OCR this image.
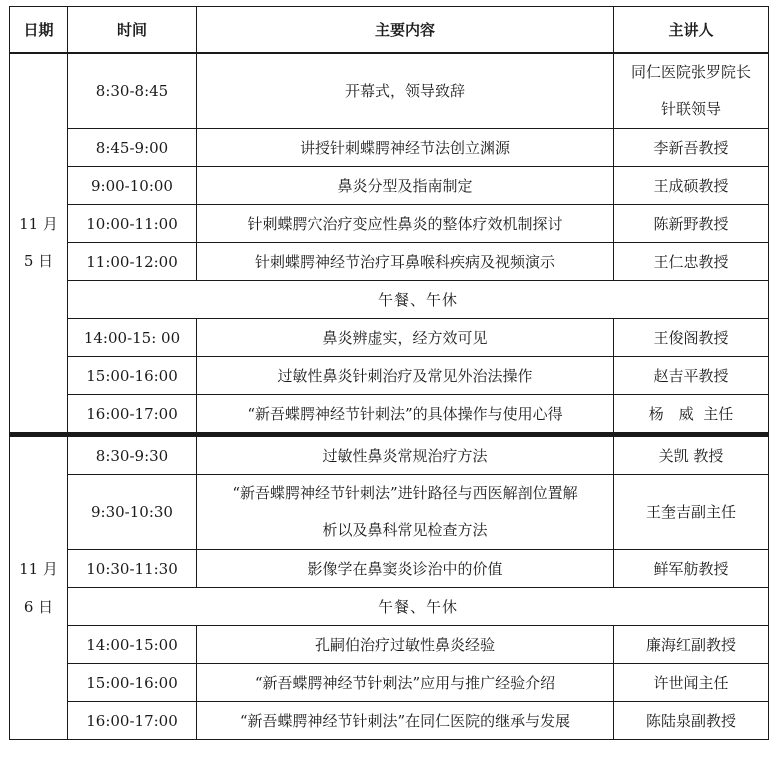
日期	时间	主要内容	主讲人

11 月
5 日	8:30-8:45	开幕式，领导致辞	同仁医院张罗院长
针联领导

	8:45-9:00	讲授针刺蝶腭神经节法创立渊源	李新吾教授
	9:00-10:00	鼻炎分型及指南制定	王成硕教授
	10:00-11:00	针刺蝶腭穴治疗变应性鼻炎的整体疗效机制探讨	陈新野教授
	11:00-12:00	针刺蝶腭神经节治疗耳鼻喉科疾病及视频演示	王仁忠教授
	午餐、午休		
	14:00-15: 00	鼻炎辨虚实，经方效可见	王俊阁教授
	15:00-16:00	过敏性鼻炎针刺治疗及常见外治法操作	赵吉平教授
	16:00-17:00	“新吾蝶腭神经节针刺法”的具体操作与使用心得	杨　威  主任

11 月
6 日	8:30-9:30	过敏性鼻炎常规治疗方法	关凯 教授
	9:30-10:30	“新吾蝶腭神经节针刺法”进针路径与西医解剖位置解
析以及鼻科常见检查方法	王奎吉副主任
	10:30-11:30	影像学在鼻窦炎诊治中的价值	鲜军舫教授
	午餐、午休		
	14:00-15:00	孔嗣伯治疗过敏性鼻炎经验	廉海红副教授
	15:00-16:00	“新吾蝶腭神经节针刺法”应用与推广经验介绍	许世闻主任
	16:00-17:00	“新吾蝶腭神经节针刺法”在同仁医院的继承与发展	陈陆泉副教授
